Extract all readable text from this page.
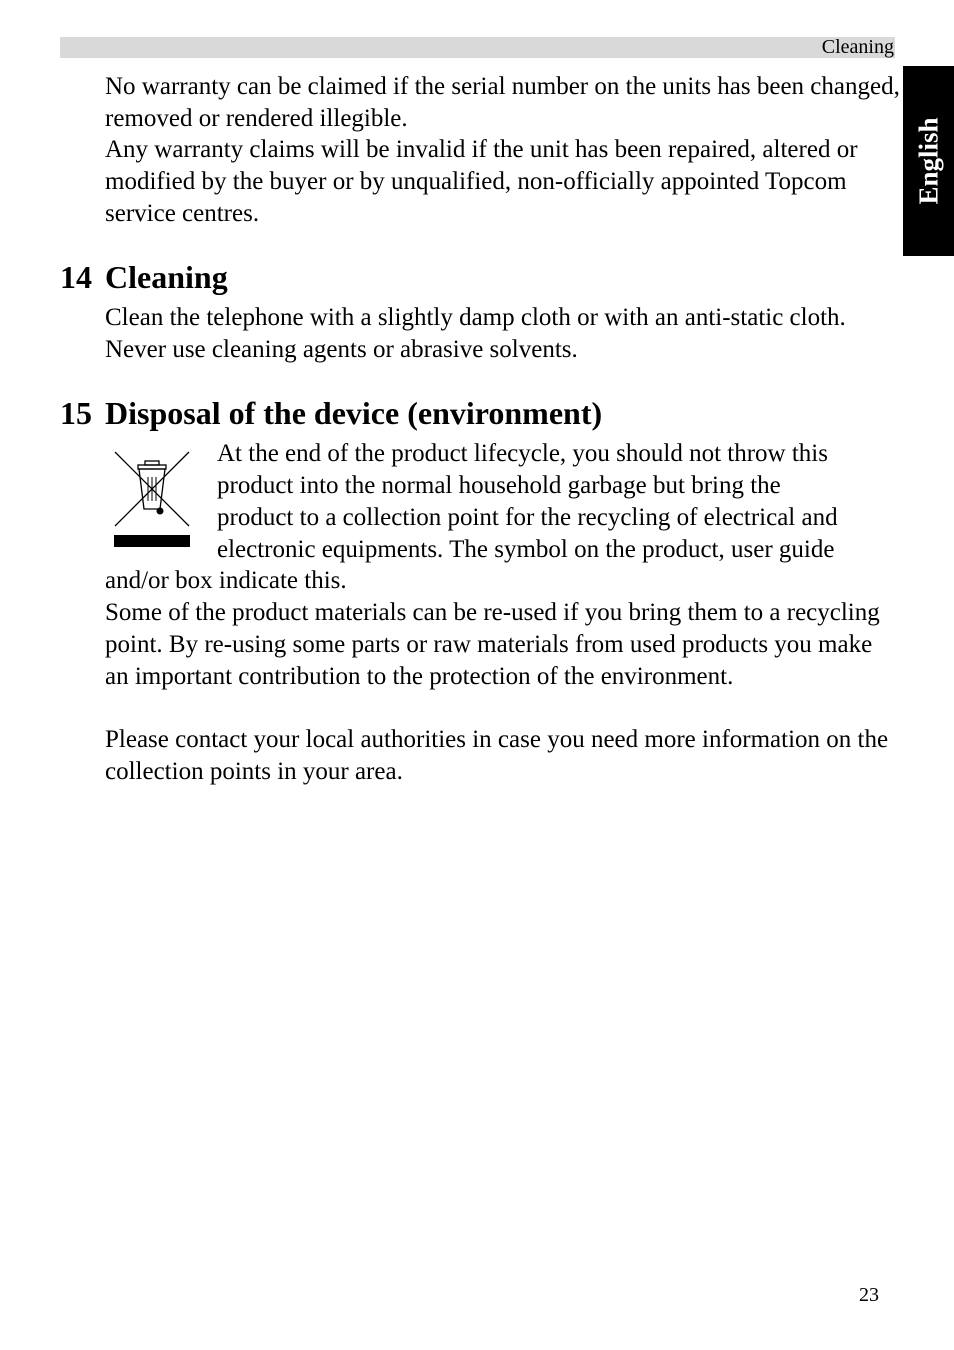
Cleaning
English

No warranty can be claimed if the serial number on the units has been changed, removed or rendered illegible.

Any warranty claims will be invalid if the unit has been repaired, altered or modified by the buyer or by unqualified, non-officially appointed Topcom service centres.

14 Cleaning

Clean the telephone with a slightly damp cloth or with an anti-static cloth. Never use cleaning agents or abrasive solvents.

15 Disposal of the device (environment)

At the end of the product lifecycle, you should not throw this

product into the normal household garbage but bring the

product to a collection point for the recycling of electrical and

electronic equipments. The symbol on the product, user guide

and/or box indicate this.

Some of the product materials can be re-used if you bring them to a recycling point. By re-using some parts or raw materials from used products you make an important contribution to the protection of the environment.

Please contact your local authorities in case you need more information on the collection points in your area.

23
